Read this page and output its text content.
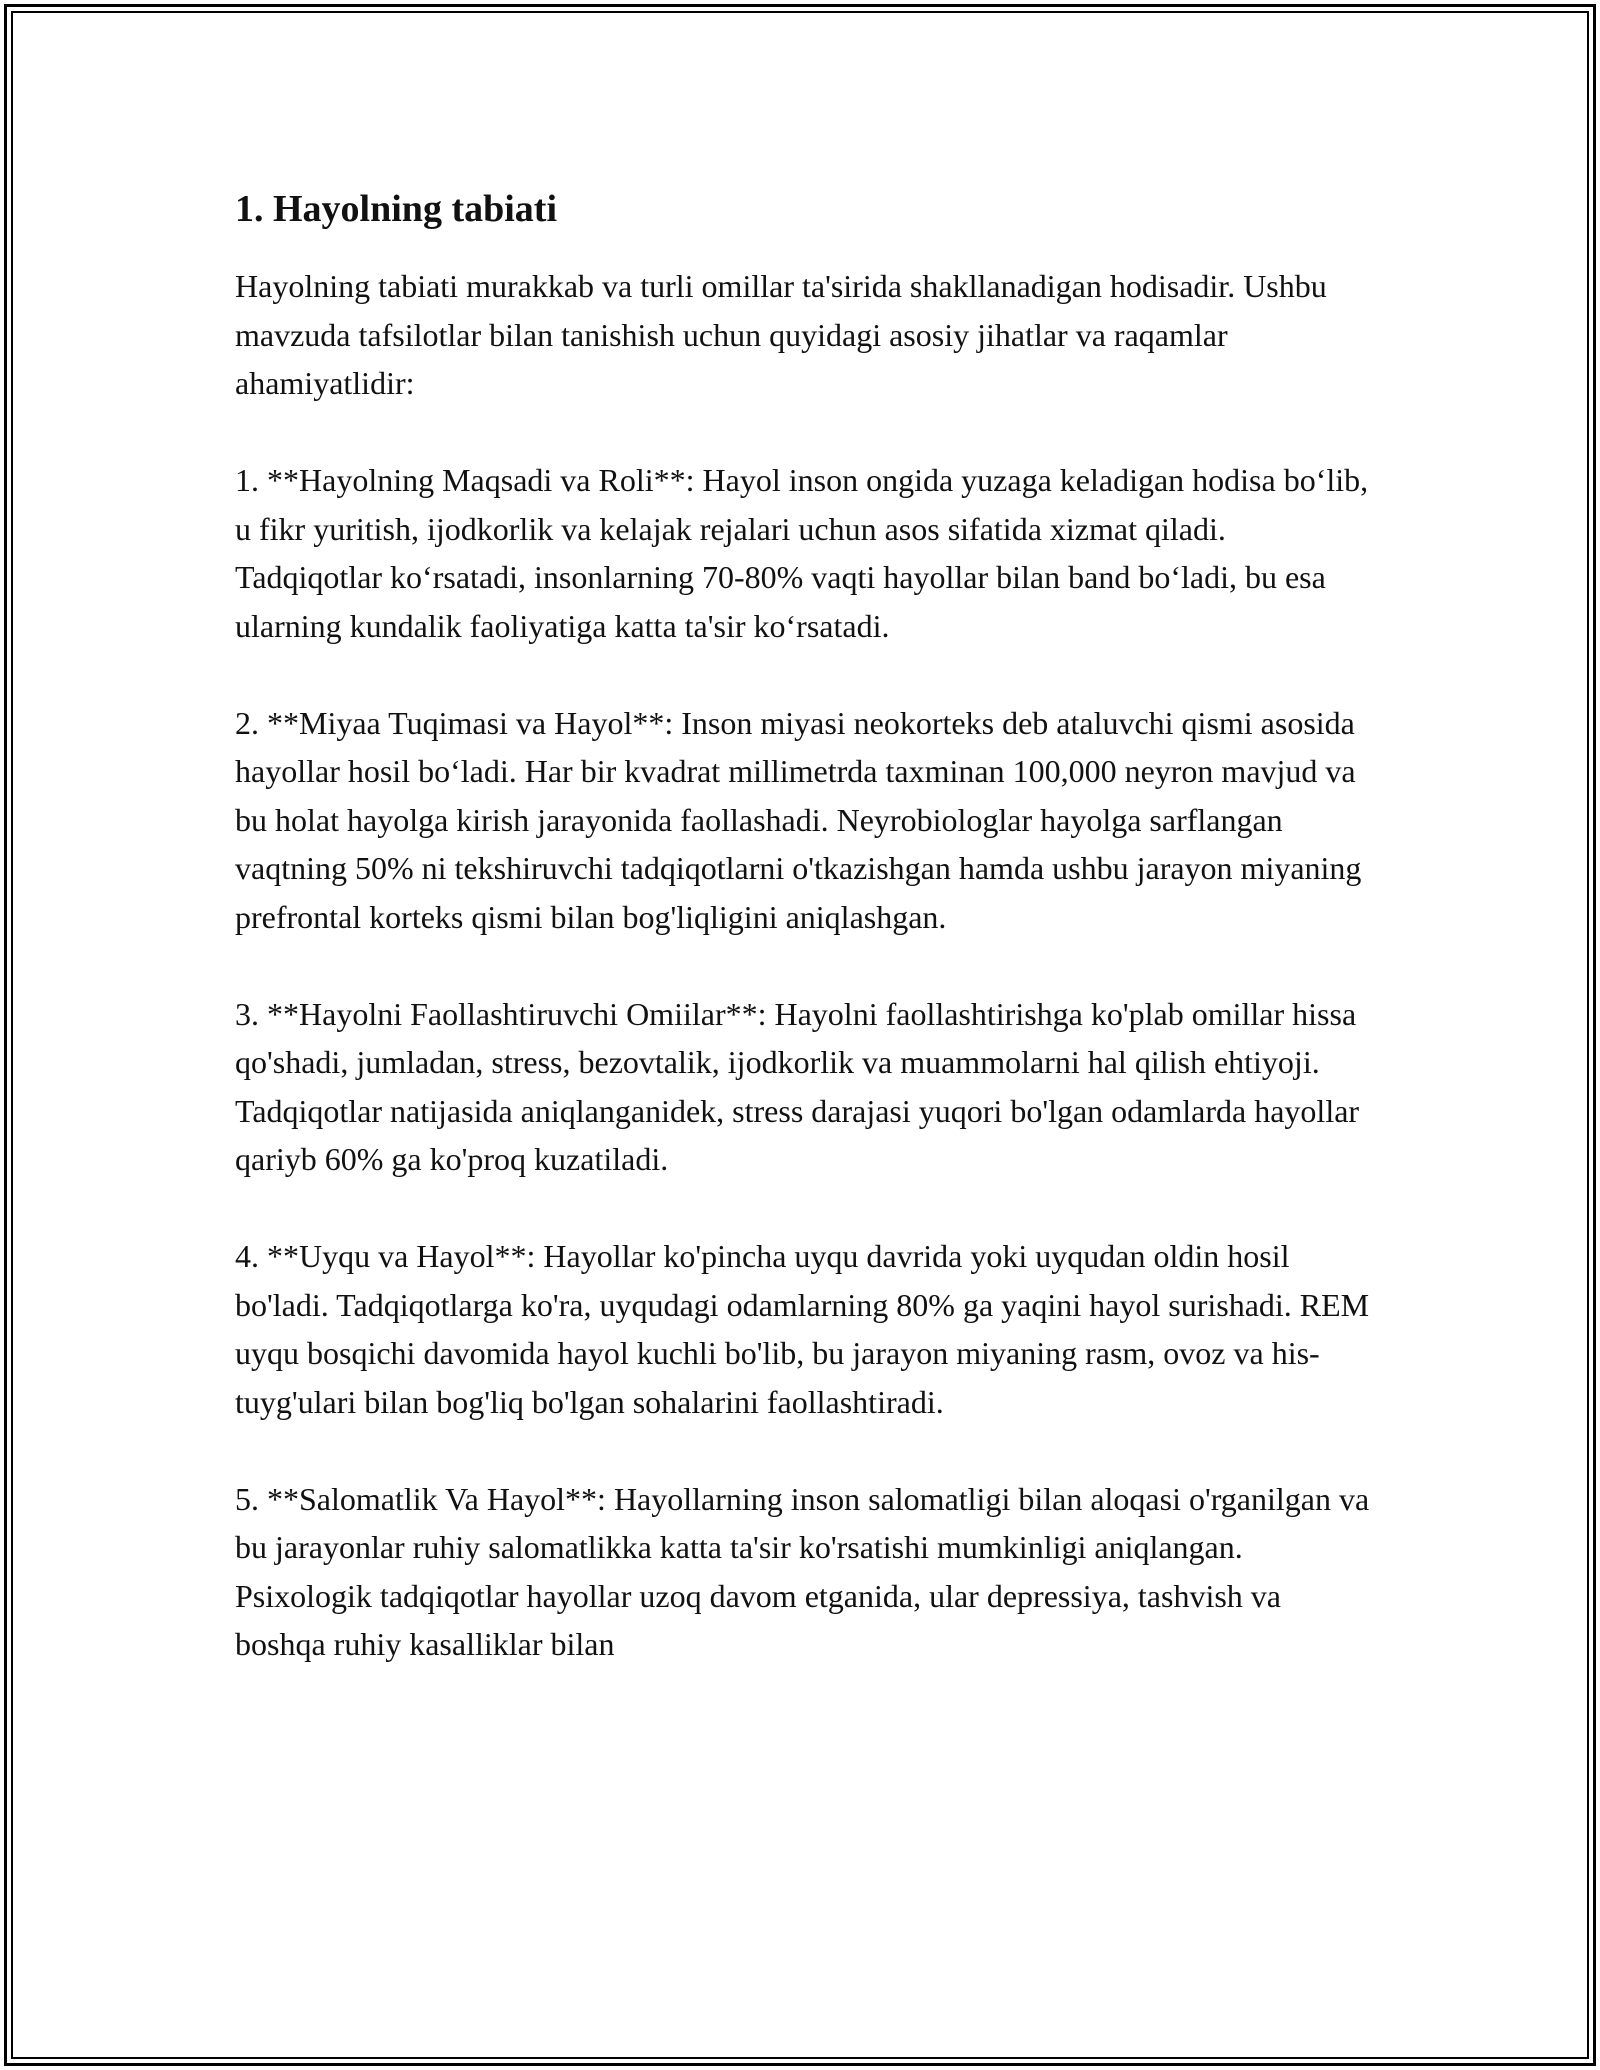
1. Hayolning tabiati

Hayolning tabiati murakkab va turli omillar ta'sirida shakllanadigan hodisadir. Ushbu mavzuda tafsilotlar bilan tanishish uchun quyidagi asosiy jihatlar va raqamlar ahamiyatlidir:

1. **Hayolning Maqsadi va Roli**: Hayol inson ongida yuzaga keladigan hodisa bo‘lib, u fikr yuritish, ijodkorlik va kelajak rejalari uchun asos sifatida xizmat qiladi. Tadqiqotlar ko‘rsatadi, insonlarning 70-80% vaqti hayollar bilan band bo‘ladi, bu esa ularning kundalik faoliyatiga katta ta'sir ko‘rsatadi.

2. **Miyaa Tuqimasi va Hayol**: Inson miyasi neokorteks deb ataluvchi qismi asosida hayollar hosil bo‘ladi. Har bir kvadrat millimetrda taxminan 100,000 neyron mavjud va bu holat hayolga kirish jarayonida faollashadi. Neyrobiologlar hayolga sarflangan vaqtning 50% ni tekshiruvchi tadqiqotlarni o'tkazishgan hamda ushbu jarayon miyaning prefrontal korteks qismi bilan bog'liqligini aniqlashgan.

3. **Hayolni Faollashtiruvchi Omiilar**: Hayolni faollashtirishga ko'plab omillar hissa qo'shadi, jumladan, stress, bezovtalik, ijodkorlik va muammolarni hal qilish ehtiyoji. Tadqiqotlar natijasida aniqlanganidek, stress darajasi yuqori bo'lgan odamlarda hayollar qariyb 60% ga ko'proq kuzatiladi.

4. **Uyqu va Hayol**: Hayollar ko'pincha uyqu davrida yoki uyqudan oldin hosil bo'ladi. Tadqiqotlarga ko'ra, uyqudagi odamlarning 80% ga yaqini hayol surishadi. REM uyqu bosqichi davomida hayol kuchli bo'lib, bu jarayon miyaning rasm, ovoz va his-tuyg'ulari bilan bog'liq bo'lgan sohalarini faollashtiradi.

5. **Salomatlik Va Hayol**: Hayollarning inson salomatligi bilan aloqasi o'rganilgan va bu jarayonlar ruhiy salomatlikka katta ta'sir ko'rsatishi mumkinligi aniqlangan. Psixologik tadqiqotlar hayollar uzoq davom etganida, ular depressiya, tashvish va boshqa ruhiy kasalliklar bilan
